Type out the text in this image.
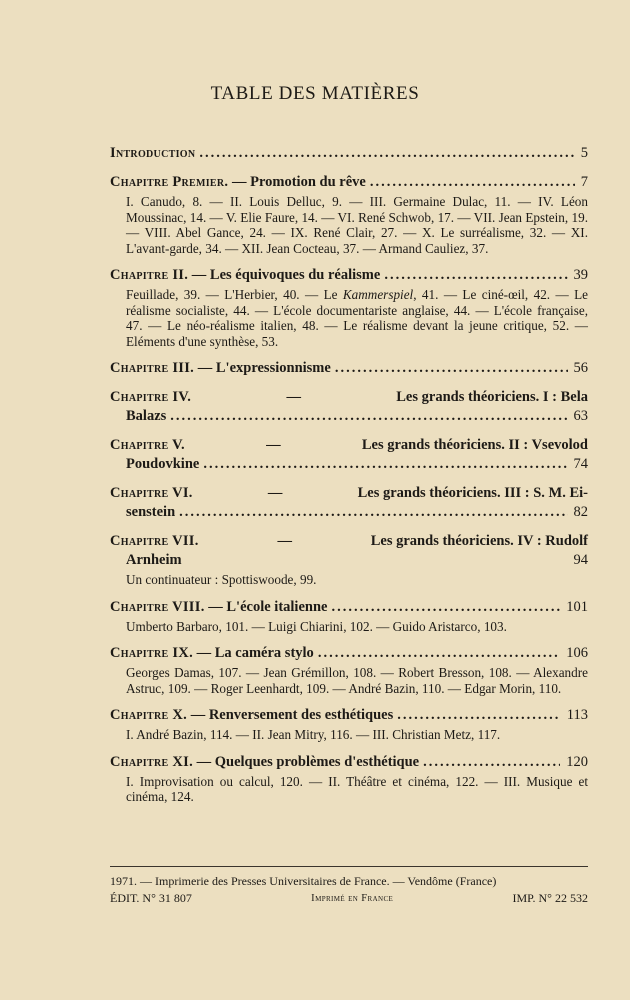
TABLE DES MATIÈRES
Introduction .....	5
Chapitre Premier. — Promotion du rêve .....	7
I. Canudo, 8. — II. Louis Delluc, 9. — III. Germaine Dulac, 11. — IV. Léon Moussinac, 14. — V. Elie Faure, 14. — VI. René Schwob, 17. — VII. Jean Epstein, 19. — VIII. Abel Gance, 24. — IX. René Clair, 27. — X. Le surréalisme, 32. — XI. L'avant-garde, 34. — XII. Jean Cocteau, 37. — Armand Cauliez, 37.
Chapitre II. — Les équivoques du réalisme .....	39
Feuillade, 39. — L'Herbier, 40. — Le Kammerspiel, 41. — Le ciné-œil, 42. — Le réalisme socialiste, 44. — L'école documentariste anglaise, 44. — L'école française, 47. — Le néo-réalisme italien, 48. — Le réalisme devant la jeune critique, 52. — Eléments d'une synthèse, 53.
Chapitre III. — L'expressionnisme .....	56
Chapitre IV.	—	Les grands théoriciens. I : Bela
Balazs .....	63
Chapitre V.	—	Les grands théoriciens. II : Vsevolod
Poudovkine .....	74
Chapitre VI.	—	Les grands théoriciens. III : S. M. Ei-
senstein .....	82
Chapitre VII.	—	Les grands théoriciens. IV : Rudolf
Arnheim	94
Un continuateur : Spottiswoode, 99.
Chapitre VIII. — L'école italienne .....	101
Umberto Barbaro, 101. — Luigi Chiarini, 102. — Guido Aristarco, 103.
Chapitre IX. — La caméra stylo .....	106
Georges Damas, 107. — Jean Grémillon, 108. — Robert Bresson, 108. — Alexandre Astruc, 109. — Roger Leenhardt, 109. — André Bazin, 110. — Edgar Morin, 110.
Chapitre X. — Renversement des esthétiques .....	113
I. André Bazin, 114. — II. Jean Mitry, 116. — III. Christian Metz, 117.
Chapitre XI. — Quelques problèmes d'esthétique .....	120
I. Improvisation ou calcul, 120. — II. Théâtre et cinéma, 122. — III. Musique et cinéma, 124.
1971. — Imprimerie des Presses Universitaires de France. — Vendôme (France)
ÉDIT. N° 31 807	Imprimé en France	IMP. N° 22 532
